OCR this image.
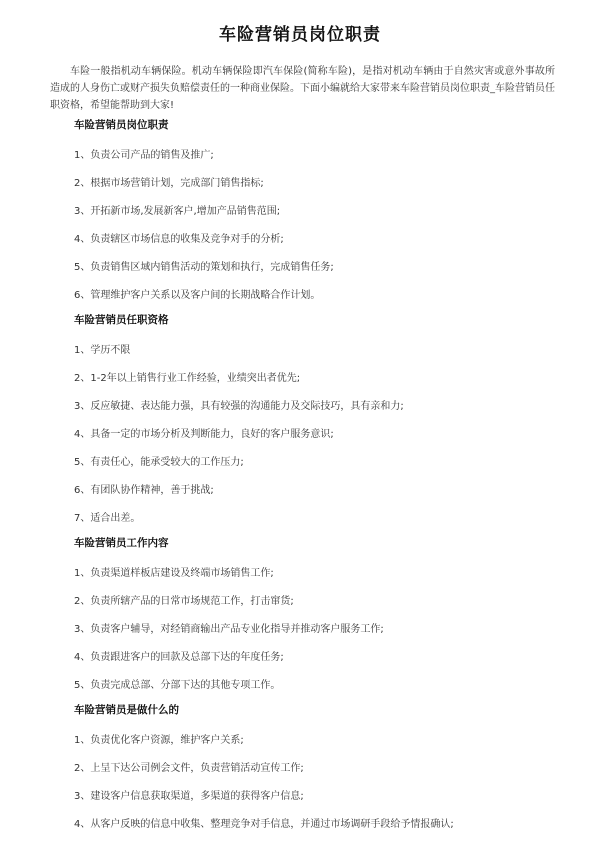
车险营销员岗位职责
车险一般指机动车辆保险。机动车辆保险即汽车保险(简称车险)，是指对机动车辆由于自然灾害或意外事故所造成的人身伤亡或财产损失负赔偿责任的一种商业保险。下面小编就给大家带来车险营销员岗位职责_车险营销员任职资格，希望能帮助到大家!
车险营销员岗位职责
1、负责公司产品的销售及推广;
2、根据市场营销计划，完成部门销售指标;
3、开拓新市场,发展新客户,增加产品销售范围;
4、负责辖区市场信息的收集及竞争对手的分析;
5、负责销售区域内销售活动的策划和执行，完成销售任务;
6、管理维护客户关系以及客户间的长期战略合作计划。
车险营销员任职资格
1、学历不限
2、1-2年以上销售行业工作经验，业绩突出者优先;
3、反应敏捷、表达能力强，具有较强的沟通能力及交际技巧，具有亲和力;
4、具备一定的市场分析及判断能力，良好的客户服务意识;
5、有责任心，能承受较大的工作压力;
6、有团队协作精神，善于挑战;
7、适合出差。
车险营销员工作内容
1、负责渠道样板店建设及终端市场销售工作;
2、负责所辖产品的日常市场规范工作，打击窜货;
3、负责客户辅导，对经销商输出产品专业化指导并推动客户服务工作;
4、负责跟进客户的回款及总部下达的年度任务;
5、负责完成总部、分部下达的其他专项工作。
车险营销员是做什么的
1、负责优化客户资源，维护客户关系;
2、上呈下达公司例会文件，负责营销活动宣传工作;
3、建设客户信息获取渠道，多渠道的获得客户信息;
4、从客户反映的信息中收集、整理竞争对手信息，并通过市场调研手段给予情报确认;
